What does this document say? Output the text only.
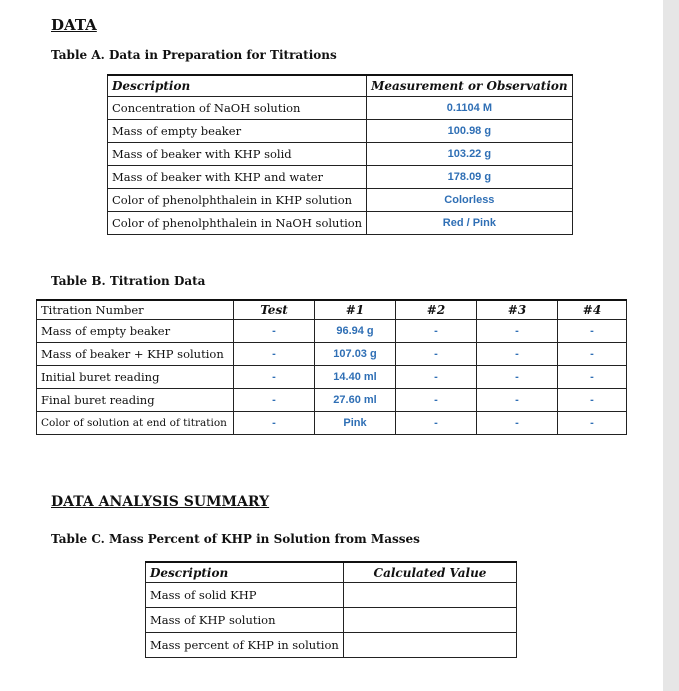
DATA
Table A. Data in Preparation for Titrations
Description	Measurement or Observation
Concentration of NaOH solution	0.1104 M
Mass of empty beaker	100.98 g
Mass of beaker with KHP solid	103.22 g
Mass of beaker with KHP and water	178.09 g
Color of phenolphthalein in KHP solution	Colorless
Color of phenolphthalein in NaOH solution	Red / Pink
Table B. Titration Data
Titration Number	Test	#1	#2	#3	#4
Mass of empty beaker	-	96.94 g	-	-	-
Mass of beaker + KHP solution	-	107.03 g	-	-	-
Initial buret reading	-	14.40 ml	-	-	-
Final buret reading	-	27.60 ml	-	-	-
Color of solution at end of titration	-	Pink	-	-	-
DATA ANALYSIS SUMMARY
Table C. Mass Percent of KHP in Solution from Masses
Description	Calculated Value
Mass of solid KHP	
Mass of KHP solution	
Mass percent of KHP in solution	
